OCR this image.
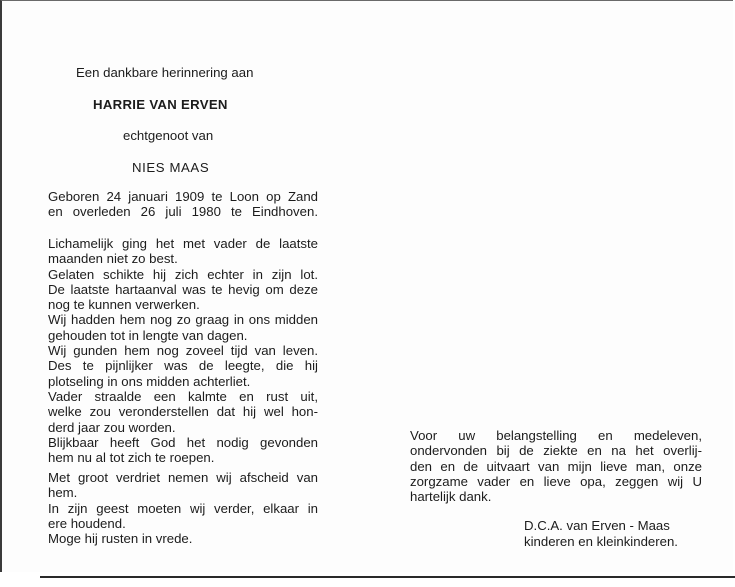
Een dankbare herinnering aan
HARRIE VAN ERVEN
echtgenoot van
NIES MAAS
Geboren 24 januari 1909 te Loon op Zand
en overleden 26 juli 1980 te Eindhoven.
Lichamelijk ging het met vader de laatste
maanden niet zo best.
Gelaten schikte hij zich echter in zijn lot.
De laatste hartaanval was te hevig om deze
nog te kunnen verwerken.
Wij hadden hem nog zo graag in ons midden
gehouden tot in lengte van dagen.
Wij gunden hem nog zoveel tijd van leven.
Des te pijnlijker was de leegte, die hij
plotseling in ons midden achterliet.
Vader straalde een kalmte en rust uit,
welke zou veronderstellen dat hij wel hon-
derd jaar zou worden.
Blijkbaar heeft God het nodig gevonden
hem nu al tot zich te roepen.
Met groot verdriet nemen wij afscheid van
hem.
In zijn geest moeten wij verder, elkaar in
ere houdend.
Moge hij rusten in vrede.
Voor uw belangstelling en medeleven,
ondervonden bij de ziekte en na het overlij-
den en de uitvaart van mijn lieve man, onze
zorgzame vader en lieve opa, zeggen wij U
hartelijk dank.
D.C.A. van Erven - Maas
kinderen en kleinkinderen.
